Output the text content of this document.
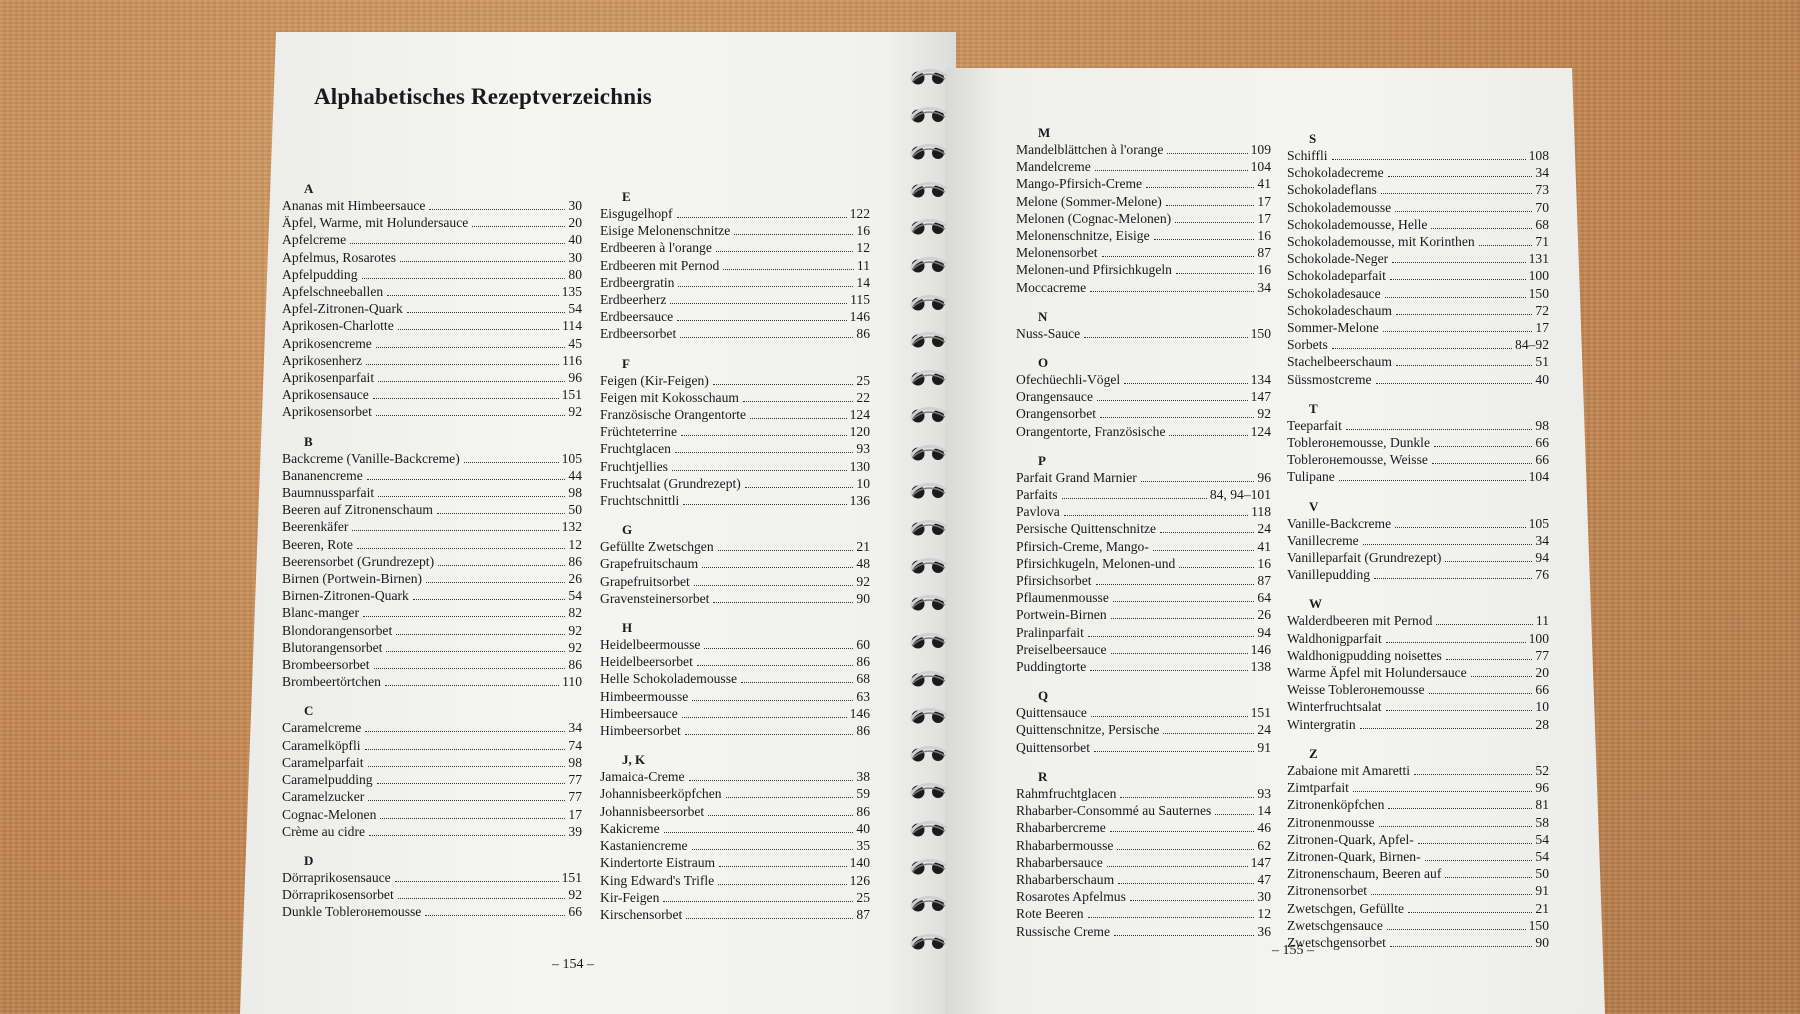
Alphabetisches Rezeptverzeichnis
A
Ananas mit Himbeersauce	30
Äpfel, Warme, mit Holundersauce	20
Apfelcreme	40
Apfelmus, Rosarotes	30
Apfelpudding	80
Apfelschneeballen	135
Apfel-Zitronen-Quark	54
Aprikosen-Charlotte	114
Aprikosencreme	45
Aprikosenherz	116
Aprikosenparfait	96
Aprikosensauce	151
Aprikosensorbet	92
B
Backcreme (Vanille-Backcreme)	105
Bananencreme	44
Baumnussparfait	98
Beeren auf Zitronenschaum	50
Beerenkäfer	132
Beeren, Rote	12
Beerensorbet (Grundrezept)	86
Birnen (Portwein-Birnen)	26
Birnen-Zitronen-Quark	54
Blanc-manger	82
Blondorangensorbet	92
Blutorangensorbet	92
Brombeersorbet	86
Brombeertörtchen	110
C
Caramelcreme	34
Caramelköpfli	74
Caramelparfait	98
Caramelpudding	77
Caramelzucker	77
Cognac-Melonen	17
Crème au cidre	39
D
Dörraprikosensauce	151
Dörraprikosensorbet	92
Dunkle Toblerонemousse	66
E
Eisgugelhopf	122
Eisige Melonenschnitze	16
Erdbeeren à l'orange	12
Erdbeeren mit Pernod	11
Erdbeergratin	14
Erdbeerherz	115
Erdbeersauce	146
Erdbeersorbet	86
F
Feigen (Kir-Feigen)	25
Feigen mit Kokosschaum	22
Französische Orangentorte	124
Früchteterrine	120
Fruchtglacen	93
Fruchtjellies	130
Fruchtsalat (Grundrezept)	10
Fruchtschnittli	136
G
Gefüllte Zwetschgen	21
Grapefruitschaum	48
Grapefruitsorbet	92
Gravensteinersorbet	90
H
Heidelbeermousse	60
Heidelbeersorbet	86
Helle Schokolademousse	68
Himbeermousse	63
Himbeersauce	146
Himbeersorbet	86
J, K
Jamaica-Creme	38
Johannisbeerköpfchen	59
Johannisbeersorbet	86
Kakicreme	40
Kastaniencreme	35
Kindertorte Eistraum	140
King Edward's Trifle	126
Kir-Feigen	25
Kirschensorbet	87
M
Mandelblättchen à l'orange	109
Mandelcreme	104
Mango-Pfirsich-Creme	41
Melone (Sommer-Melone)	17
Melonen (Cognac-Melonen)	17
Melonenschnitze, Eisige	16
Melonensorbet	87
Melonen-und Pfirsichkugeln	16
Moccacreme	34
N
Nuss-Sauce	150
O
Ofechüechli-Vögel	134
Orangensauce	147
Orangensorbet	92
Orangentorte, Französische	124
P
Parfait Grand Marnier	96
Parfaits	84, 94–101
Pavlova	118
Persische Quittenschnitze	24
Pfirsich-Creme, Mango-	41
Pfirsichkugeln, Melonen-und	16
Pfirsichsorbet	87
Pflaumenmousse	64
Portwein-Birnen	26
Pralinparfait	94
Preiselbeersauce	146
Puddingtorte	138
Q
Quittensauce	151
Quittenschnitze, Persische	24
Quittensorbet	91
R
Rahmfruchtglacen	93
Rhabarber-Consommé au Sauternes	14
Rhabarbercreme	46
Rhabarbermousse	62
Rhabarbersauce	147
Rhabarberschaum	47
Rosarotes Apfelmus	30
Rote Beeren	12
Russische Creme	36
S
Schiffli	108
Schokoladecreme	34
Schokoladeflans	73
Schokolademousse	70
Schokolademousse, Helle	68
Schokolademousse, mit Korinthen	71
Schokolade-Neger	131
Schokoladeparfait	100
Schokoladesauce	150
Schokoladeschaum	72
Sommer-Melone	17
Sorbets	84–92
Stachelbeerschaum	51
Süssmostcreme	40
T
Teeparfait	98
Toblerонemousse, Dunkle	66
Toblerонemousse, Weisse	66
Tulipane	104
V
Vanille-Backcreme	105
Vanillecreme	34
Vanilleparfait (Grundrezept)	94
Vanillepudding	76
W
Walderdbeeren mit Pernod	11
Waldhonigparfait	100
Waldhonigpudding noisettes	77
Warme Äpfel mit Holundersauce	20
Weisse Toblerонemousse	66
Winterfruchtsalat	10
Wintergratin	28
Z
Zabaione mit Amaretti	52
Zimtparfait	96
Zitronenköpfchen	81
Zitronenmousse	58
Zitronen-Quark, Apfel-	54
Zitronen-Quark, Birnen-	54
Zitronenschaum, Beeren auf	50
Zitronensorbet	91
Zwetschgen, Gefüllte	21
Zwetschgensauce	150
Zwetschgensorbet	90
– 154 –
– 155 –
